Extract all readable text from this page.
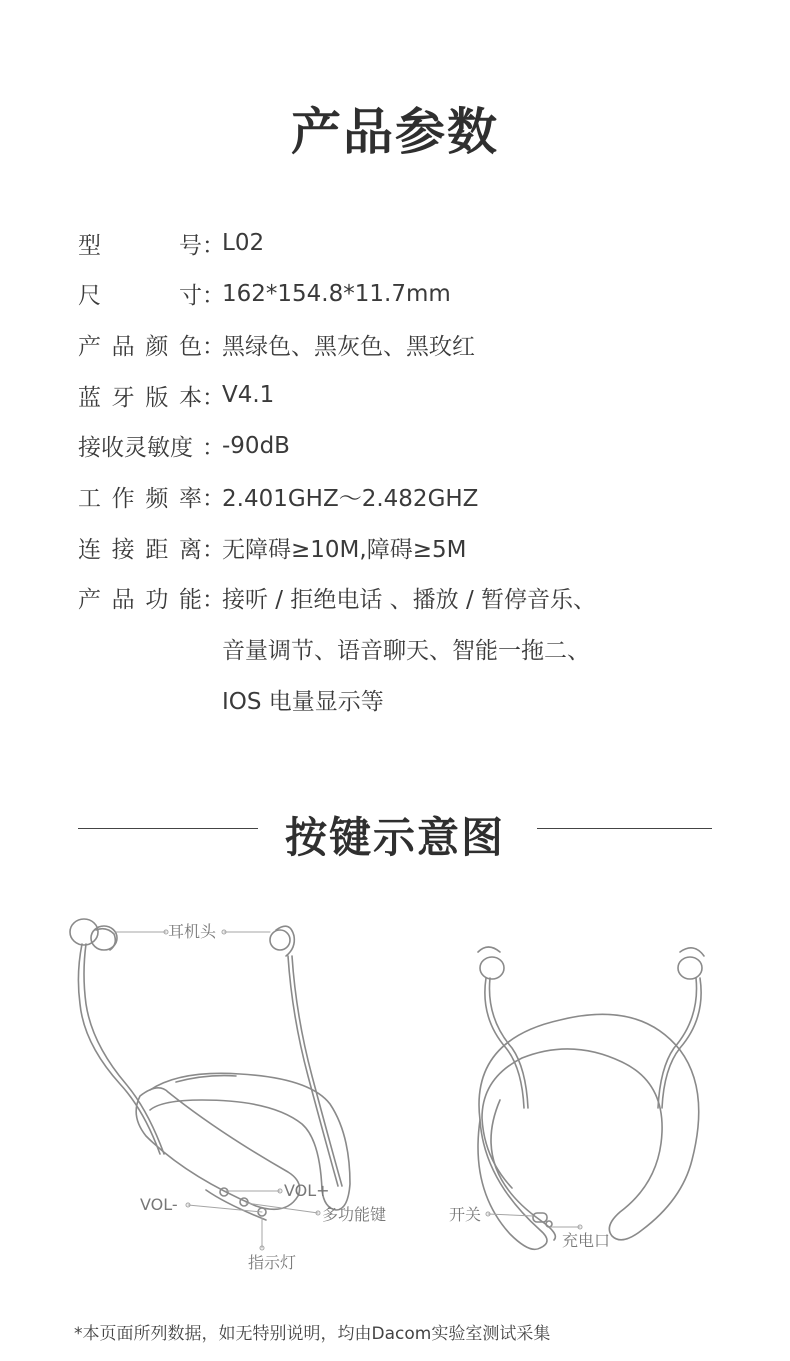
产品参数
型	号 ：
L02
尺	寸 ：
162*154.8*11.7mm
产 品 颜 色 ：
黑绿色、黑灰色、黑玫红
蓝 牙 版 本 ：
V4.1
接收灵敏度 ：
-90dB
工 作 频 率 ：
2.401GHZ～2.482GHZ
连 接 距 离 ：
无障碍≥10M,障碍≥5M
产 品 功 能 ：
接听 / 拒绝电话 、播放 / 暂停音乐、
音量调节、语音聊天、智能一拖二、
IOS 电量显示等
按键示意图
耳机头
VOL+
VOL-
多功能键
指示灯
开关
充电口
*本页面所列数据，如无特别说明，均由Dacom实验室测试采集
